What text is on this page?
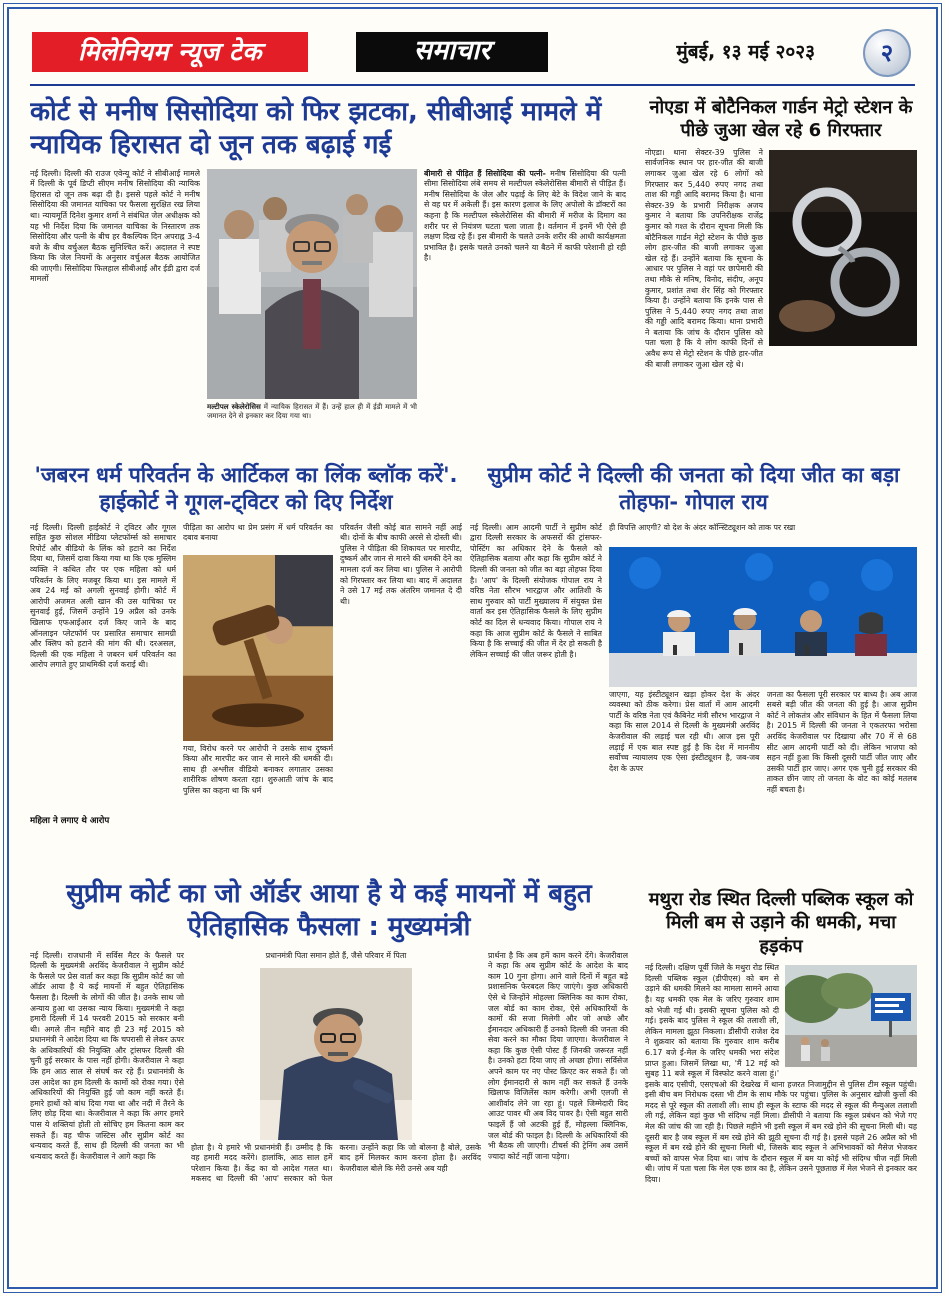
मिलेनियम न्यूज टेक	समाचार	मुंबई, १३ मई २०२३	२
कोर्ट से मनीष सिसोदिया को फिर झटका, सीबीआई मामले में न्यायिक हिरासत दो जून तक बढ़ाई गई
नई दिल्ली। दिल्ली की राउज एवेन्यू कोर्ट ने सीबीआई मामले में दिल्ली के पूर्व डिप्टी सीएम मनीष सिसोदिया की न्यायिक हिरासत दो जून तक बढ़ा दी है। इससे पहले कोर्ट ने मनीष सिसोदिया की जमानत याचिका पर फैसला सुरक्षित रख लिया था। न्यायमूर्ति दिनेश कुमार शर्मा ने संबंधित जेल अधीक्षक को यह भी निर्देश दिया कि जमानत याचिका के निस्तारण तक सिसोदिया और पत्नी के बीच हर वैकल्पिक दिन अपराह्न 3-4 बजे के बीच वर्चुअल बैठक सुनिश्चित करें। अदालत ने स्पष्ट किया कि जेल नियमों के अनुसार वर्चुअल बैठक आयोजित की जाएगी। सिसोदिया फिलहाल सीबीआई और ईडी द्वारा दर्ज मामलों
मल्टीपल स्केलेरोसिस में न्यायिक हिरासत में हैं। उन्हें हाल ही में ईडी मामले में भी जमानत देने से इनकार कर दिया गया था।
बीमारी से पीड़ित हैं सिसोदिया की पत्नी- मनीष सिसोदिया की पत्नी सीमा सिसोदिया लंबे समय से मल्टीपल स्केलेरोसिस बीमारी से पीड़ित हैं। मनीष सिसोदिया के जेल और पढ़ाई के लिए बेटे के विदेश जाने के बाद से वह घर में अकेली हैं। इस कारण इलाज के लिए अपोलो के डॉक्टरों का कहना है कि मल्टीपल स्केलेरोसिस की बीमारी में मरीज के दिमाग का शरीर पर से नियंत्रण घटता चला जाता है। वर्तमान में इनमें भी ऐसे ही लक्षण दिख रहे हैं। इस बीमारी के चलते उनके शरीर की आधी कार्यक्षमता प्रभावित है। इसके चलते उनको चलने या बैठने में काफी परेशानी हो रही है।
नोएडा में बोटैनिकल गार्डन मेट्रो स्टेशन के पीछे जुआ खेल रहे 6 गिरफ्तार
नोएडा। थाना सेक्टर-39 पुलिस ने सार्वजनिक स्थान पर हार-जीत की बाजी लगाकर जुआ खेल रहे 6 लोगों को गिरफ्तार कर 5,440 रुपए नगद तथा ताश की गड्डी आदि बरामद किया है। थाना सेक्टर-39 के प्रभारी निरीक्षक अजय कुमार ने बताया कि उपनिरीक्षक राजेंद्र कुमार को गश्त के दौरान सूचना मिली कि बोटैनिकल गार्डन मेट्रो स्टेशन के पीछे कुछ लोग हार-जीत की बाजी लगाकर जुआ खेल रहे हैं। उन्होंने बताया कि सूचना के आधार पर पुलिस ने वहां पर छापेमारी की तथा मौके से मनिष, विनोद, संदीप, अनूप कुमार, प्रशांत तथा शेर सिंह को गिरफ्तार किया है। उन्होंने बताया कि इनके पास से पुलिस ने 5,440 रुपए नगद तथा ताश की गड्डी आदि बरामद किया। थाना प्रभारी ने बताया कि जांच के दौरान पुलिस को पता चला है कि ये लोग काफी दिनों से अवैध रूप से मेट्रो स्टेशन के पीछे हार-जीत की बाजी लगाकर जुआ खेल रहे थे।
'जबरन धर्म परिवर्तन के आर्टिकल का लिंक ब्लॉक करें'. हाईकोर्ट ने गूगल-ट्विटर को दिए निर्देश
नई दिल्ली। दिल्ली हाईकोर्ट ने ट्विटर और गूगल सहित कुछ सोशल मीडिया प्लेटफॉर्म्स को समाचार रिपोर्ट और वीडियो के लिंक को हटाने का निर्देश दिया था, जिसमें दावा किया गया था कि एक मुस्लिम व्यक्ति ने कथित तौर पर एक महिला को धर्म परिवर्तन के लिए मजबूर किया था। इस मामले में अब 24 मई को अगली सुनवाई होगी। कोर्ट में आरोपी अजमत अली खान की उस याचिका पर सुनवाई हुई, जिसमें उन्होंने 19 अप्रैल को उनके खिलाफ एफआईआर दर्ज किए जाने के बाद ऑनलाइन प्लेटफॉर्म पर प्रसारित समाचार सामग्री और क्लिप को हटाने की मांग की थी। दरअसल, दिल्ली की एक महिला ने जबरन धर्म परिवर्तन का आरोप लगाते हुए प्राथमिकी दर्ज कराई थी।
महिला ने लगाए थे आरोप
पीड़िता का आरोप था प्रेम प्रसंग में धर्म परिवर्तन का दबाव बनाया
गया, विरोध करने पर आरोपी ने उसके साथ दुष्कर्म किया और मारपीट कर जान से मारने की धमकी दी। साथ ही अश्लील वीडियो बनाकर लगातार उसका शारीरिक शोषण करता रहा। शुरुआती जांच के बाद पुलिस का कहना था कि धर्म
परिवर्तन जैसी कोई बात सामने नहीं आई थी। दोनों के बीच काफी अरसे से दोस्ती थी। पुलिस ने पीड़िता की शिकायत पर मारपीट, दुष्कर्म और जान से मारने की धमकी देने का मामला दर्ज कर लिया था। पुलिस ने आरोपी को गिरफ्तार कर लिया था। बाद में अदालत ने उसे 17 मई तक अंतरिम जमानत दे दी थी।
सुप्रीम कोर्ट ने दिल्ली की जनता को दिया जीत का बड़ा तोहफा- गोपाल राय
नई दिल्ली। आम आदमी पार्टी ने सुप्रीम कोर्ट द्वारा दिल्ली सरकार के अफसरों की ट्रांसफर-पोस्टिंग का अधिकार देने के फैसले को ऐतिहासिक बताया और कहा कि सुप्रीम कोर्ट ने दिल्ली की जनता को जीत का बड़ा तोहफा दिया है। 'आप' के दिल्ली संयोजक गोपाल राय ने वरिष्ठ नेता सौरभ भारद्वाज और आतिशी के साथ गुरुवार को पार्टी मुख्यालय में संयुक्त प्रेस वार्ता कर इस ऐतिहासिक फैसले के लिए सुप्रीम कोर्ट का दिल से धन्यवाद किया। गोपाल राय ने कहा कि आज सुप्रीम कोर्ट के फैसले ने साबित किया है कि सच्चाई की जीत में देर हो सकती है लेकिन सच्चाई की जीत जरूर होती है।
ही विपत्ति आएगी? वो देश के अंदर कॉन्स्टिट्यूशन को ताक पर रखा
जाएगा, यह इंस्टीट्यूशन खड़ा होकर देश के अंदर व्यवस्था को ठीक करेगा। प्रेस वार्ता में आम आदमी पार्टी के वरिष्ठ नेता एवं कैबिनेट मंत्री सौरभ भारद्वाज ने कहा कि साल 2014 से दिल्ली के मुख्यमंत्री अरविंद केजरीवाल की लड़ाई चल रही थी। आज इस पूरी लड़ाई में एक बात स्पष्ट हुई है कि देश में माननीय सर्वोच्च न्यायालय एक ऐसा इंस्टीट्यूशन है, जब-जब देश के ऊपर
जनता का फैसला पूरी सरकार पर बाध्य है। अब आज सबसे बड़ी जीत की जनता की हुई है। आज सुप्रीम कोर्ट ने लोकतंत्र और संविधान के हित में फैसला लिया है। 2015 में दिल्ली की जनता ने एकतरफा भरोसा अरविंद केजरीवाल पर दिखाया और 70 में से 68 सीट आम आदमी पार्टी को दी। लेकिन भाजपा को सहन नहीं हुआ कि किसी दूसरी पार्टी जीत जाए और उसकी पार्टी हार जाए। अगर एक चुनी हुई सरकार की ताकत छीन जाए तो जनता के वोट का कोई मतलब नहीं बचता है।
सुप्रीम कोर्ट का जो ऑर्डर आया है ये कई मायनों में बहुत ऐतिहासिक फैसला : मुख्यमंत्री
नई दिल्ली। राजधानी में सर्विस मैटर के फैसले पर दिल्ली के मुख्यमंत्री अरविंद केजरीवाल ने सुप्रीम कोर्ट के फैसले पर प्रेस वार्ता कर कहा कि सुप्रीम कोर्ट का जो ऑर्डर आया है ये कई मायनों में बहुत ऐतिहासिक फैसला है। दिल्ली के लोगों की जीत है। उनके साथ जो अन्याय हुआ था उसका न्याय किया। मुख्यमंत्री ने कहा हमारी दिल्ली में 14 फरवरी 2015 को सरकार बनी थी। अगले तीन महीने बाद ही 23 मई 2015 को प्रधानमंत्री ने आदेश दिया था कि चपरासी से लेकर ऊपर के अधिकारियों की नियुक्ति और ट्रांसफर दिल्ली की चुनी हुई सरकार के पास नहीं होगी। केजरीवाल ने कहा कि हम आठ साल से संघर्ष कर रहे हैं। प्रधानमंत्री के उस आदेश का हम दिल्ली के कामों को रोका गया। ऐसे अधिकारियों की नियुक्ति हुई जो काम नहीं करते हैं। हमारे हाथों को बांध दिया गया था और नदी में तैरने के लिए छोड़ दिया था। केजरीवाल ने कहा कि अगर हमारे पास ये शक्तियां होती तो सोचिए हम कितना काम कर सकते हैं। वह चीफ जस्टिस और सुप्रीम कोर्ट का धन्यवाद करते हैं, साथ ही दिल्ली की जनता का भी धन्यवाद करते हैं। केजरीवाल ने आगे कहा कि
प्रधानमंत्री पिता समान होते हैं, जैसे परिवार में पिता
होता है। ये हमारे भी प्रधानमंत्री हैं। उम्मीद है कि वह हमारी मदद करेंगे। हालांकि, आठ साल हमें परेशान किया है। केंद्र का वो आदेश गलत था। मकसद था दिल्ली की 'आप' सरकार को फेल करना। उन्होंने कहा कि जो बोलना है बोले, उसके बाद हमें मिलकर काम करना होता है। अरविंद केजरीवाल बोले कि मेरी उनसे अब यही
प्रार्थना है कि अब हमें काम करने देंगे। केजरीवाल ने कहा कि अब सुप्रीम कोर्ट के आदेश के बाद काम 10 गुना होगा। आने वाले दिनों में बहुत बड़े प्रशासनिक फेरबदल किए जाएंगे। कुछ अधिकारी ऐसे थे जिन्होंने मोहल्ला क्लिनिक का काम रोका, जल बोर्ड का काम रोका, ऐसे अधिकारियों के कामों की सजा मिलेगी और जो अच्छे और ईमानदार अधिकारी हैं उनको दिल्ली की जनता की सेवा करने का मौका दिया जाएगा। केजरीवाल ने कहा कि कुछ ऐसी पोस्ट हैं जिनकी जरूरत नहीं है। उनको हटा दिया जाए तो अच्छा होगा। सर्विसेज अपने काम पर नए पोस्ट क्रिएट कर सकते हैं। जो लोग ईमानदारी से काम नहीं कर सकते हैं उनके खिलाफ विजिलेंस काम करेगी। अभी एलजी से आशीर्वाद लेने जा रहा हूं। पहले जिम्मेदारी विद आउट पावर थी अब विद पावर है। ऐसी बहुत सारी फाइलें हैं जो अटकी हुई हैं, मोहल्ला क्लिनिक, जल बोर्ड की फाइल है। दिल्ली के अधिकारियों की भी बैठक ली जाएगी। टीचर्स की ट्रेनिंग अब उसमें ज्यादा कोर्ट नहीं जाना पड़ेगा।
मथुरा रोड स्थित दिल्ली पब्लिक स्कूल को मिली बम से उड़ाने की धमकी, मचा हड़कंप
नई दिल्ली। दक्षिण पूर्वी जिले के मथुरा रोड स्थित दिल्ली पब्लिक स्कूल (डीपीएस) को बम से उड़ाने की धमकी मिलने का मामला सामने आया है। यह धमकी एक मेल के जरिए गुरुवार शाम को भेजी गई थी। इसकी सूचना पुलिस को दी गई। इसके बाद पुलिस ने स्कूल की तलाशी ली, लेकिन मामला झूठा निकला। डीसीपी राजेश देव ने शुक्रवार को बताया कि गुरुवार शाम करीब 6.17 बजे ई-मेल के जरिए धमकी भरा संदेश प्राप्त हुआ। जिसमें लिखा था, 'मैं 12 मई को सुबह 11 बजे स्कूल में विस्फोट करने वाला हूं।' इसके बाद एसीपी, एसएचओ की देखरेख में थाना हजरत निजामुद्दीन से पुलिस टीम स्कूल पहुंची। इसी बीच बम निरोधक दस्ता भी टीम के साथ मौके पर पहुंचा। पुलिस के अनुसार खोजी कुत्तों की मदद से पूरे स्कूल की तलाशी ली। साथ ही स्कूल के स्टाफ की मदद से स्कूल की मैन्युअल तलाशी ली गई, लेकिन वहां कुछ भी संदिग्ध नहीं मिला। डीसीपी ने बताया कि स्कूल प्रबंधन को भेजे गए मेल की जांच की जा रही है। पिछले महीने भी इसी स्कूल में बम रखे होने की सूचना मिली थी। यह दूसरी बार है जब स्कूल में बम रखे होने की झूठी सूचना दी गई है। इससे पहले 26 अप्रैल को भी स्कूल में बम रखे होने की सूचना मिली थी, जिसके बाद स्कूल ने अभिभावकों को मैसेज भेजकर बच्चों को वापस भेज दिया था। जांच के दौरान स्कूल में बम या कोई भी संदिग्ध चीज नहीं मिली थी। जांच में पता चला कि मेल एक छात्र का है, लेकिन उसने पूछताछ में मेल भेजने से इनकार कर दिया।
